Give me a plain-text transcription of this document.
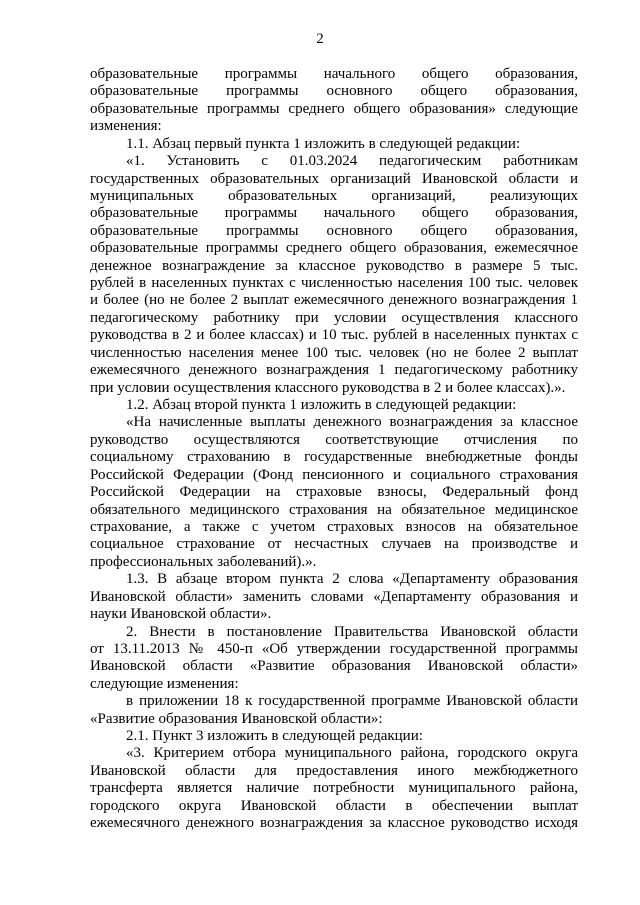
2
образовательные программы начального общего образования,
образовательные программы основного общего образования,
образовательные программы среднего общего образования» следующие
изменения:
1.1. Абзац первый пункта 1 изложить в следующей редакции:
«1. Установить с 01.03.2024 педагогическим работникам
государственных образовательных организаций Ивановской области и
муниципальных образовательных организаций, реализующих
образовательные программы начального общего образования,
образовательные программы основного общего образования,
образовательные программы среднего общего образования, ежемесячное
денежное вознаграждение за классное руководство в размере 5 тыс.
рублей в населенных пунктах с численностью населения 100 тыс. человек
и более (но не более 2 выплат ежемесячного денежного вознаграждения 1
педагогическому работнику при условии осуществления классного
руководства в 2 и более классах) и 10 тыс. рублей в населенных пунктах с
численностью населения менее 100 тыс. человек (но не более 2 выплат
ежемесячного денежного вознаграждения 1 педагогическому работнику
при условии осуществления классного руководства в 2 и более классах).».
1.2. Абзац второй пункта 1 изложить в следующей редакции:
«На начисленные выплаты денежного вознаграждения за классное
руководство осуществляются соответствующие отчисления по
социальному страхованию в государственные внебюджетные фонды
Российской Федерации (Фонд пенсионного и социального страхования
Российской Федерации на страховые взносы, Федеральный фонд
обязательного медицинского страхования на обязательное медицинское
страхование, а также с учетом страховых взносов на обязательное
социальное страхование от несчастных случаев на производстве и
профессиональных заболеваний).».
1.3. В абзаце втором пункта 2 слова «Департаменту образования
Ивановской области» заменить словами «Департаменту образования и
науки Ивановской области».
2. Внести в постановление Правительства Ивановской области
от 13.11.2013 № 450-п «Об утверждении государственной программы
Ивановской области «Развитие образования Ивановской области»
следующие изменения:
в приложении 18 к государственной программе Ивановской области
«Развитие образования Ивановской области»:
2.1. Пункт 3 изложить в следующей редакции:
«3. Критерием отбора муниципального района, городского округа
Ивановской области для предоставления иного межбюджетного
трансферта является наличие потребности муниципального района,
городского округа Ивановской области в обеспечении выплат
ежемесячного денежного вознаграждения за классное руководство исходя
